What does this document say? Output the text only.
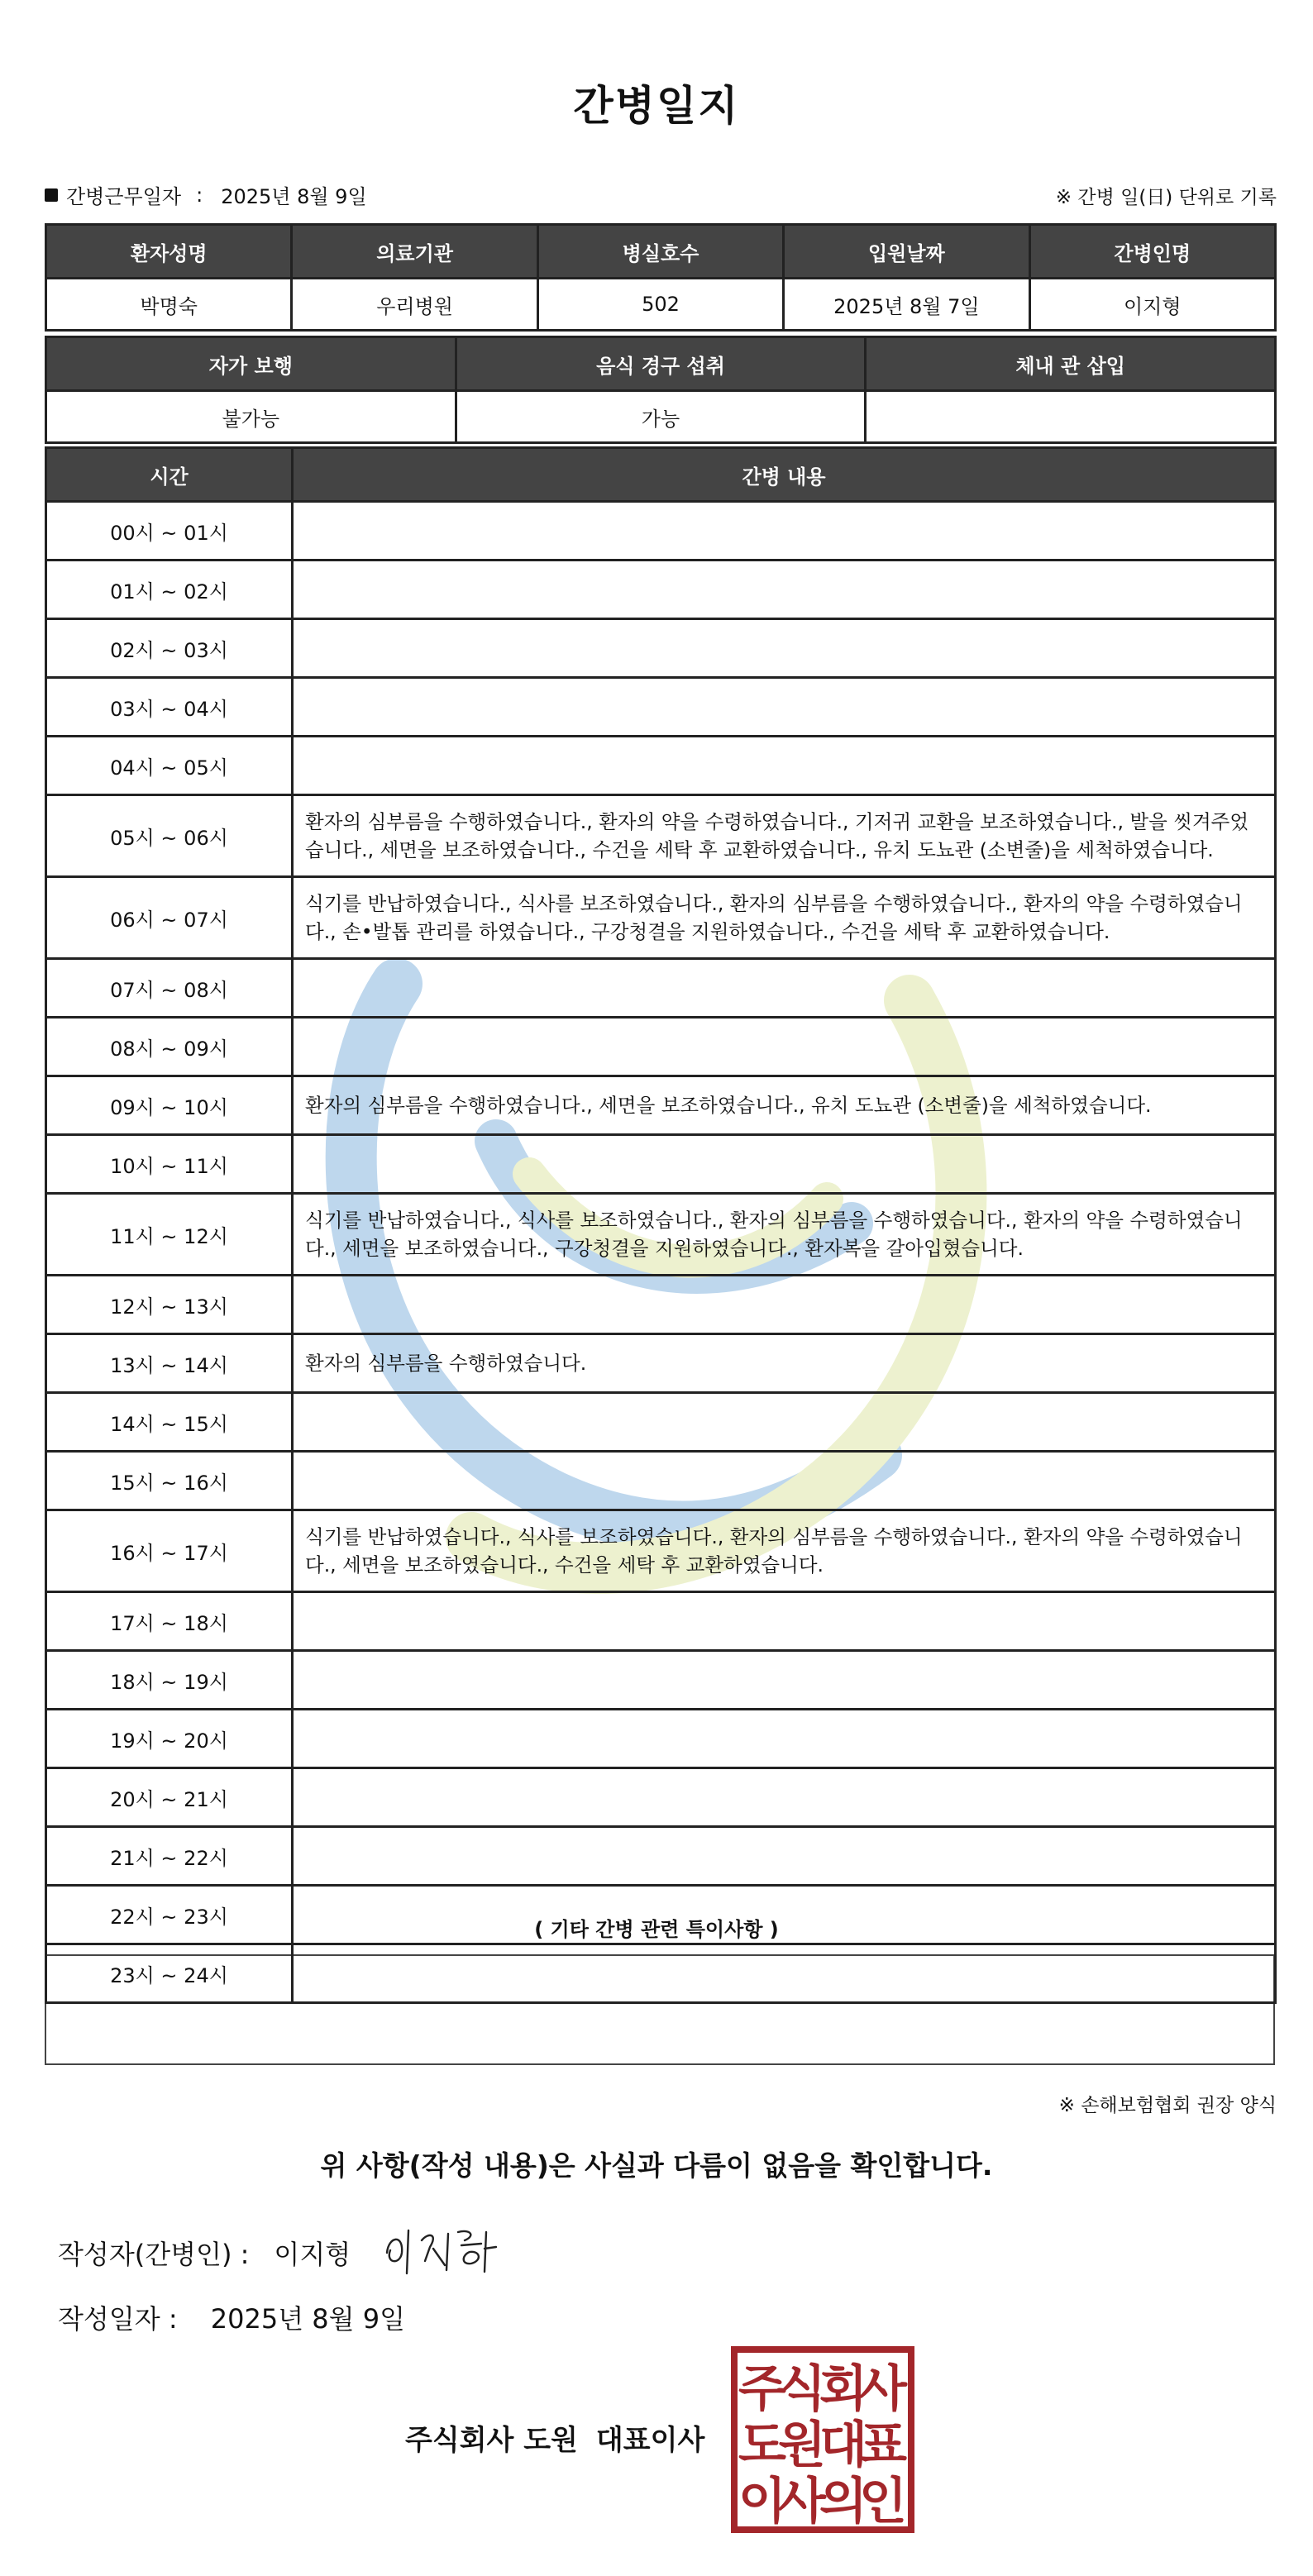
간병일지
간병근무일자 : 2025년 8월 9일	※ 간병 일(日) 단위로 기록
환자성명	의료기관	병실호수	입원날짜	간병인명
박명숙	우리병원	502	2025년 8월 7일	이지형
자가 보행	음식 경구 섭취	체내 관 삽입
불가능	가능	
시간	간병 내용
00시 ~ 01시	
01시 ~ 02시	
02시 ~ 03시	
03시 ~ 04시	
04시 ~ 05시	
05시 ~ 06시	환자의 심부름을 수행하였습니다., 환자의 약을 수령하였습니다., 기저귀 교환을 보조하였습니다., 발을 씻겨주었습니다., 세면을 보조하였습니다., 수건을 세탁 후 교환하였습니다., 유치 도뇨관 (소변줄)을 세척하였습니다.
06시 ~ 07시	식기를 반납하였습니다., 식사를 보조하였습니다., 환자의 심부름을 수행하였습니다., 환자의 약을 수령하였습니다., 손•발톱 관리를 하였습니다., 구강청결을 지원하였습니다., 수건을 세탁 후 교환하였습니다.
07시 ~ 08시	
08시 ~ 09시	
09시 ~ 10시	환자의 심부름을 수행하였습니다., 세면을 보조하였습니다., 유치 도뇨관 (소변줄)을 세척하였습니다.
10시 ~ 11시	
11시 ~ 12시	식기를 반납하였습니다., 식사를 보조하였습니다., 환자의 심부름을 수행하였습니다., 환자의 약을 수령하였습니다., 세면을 보조하였습니다., 구강청결을 지원하였습니다., 환자복을 갈아입혔습니다.
12시 ~ 13시	
13시 ~ 14시	환자의 심부름을 수행하였습니다.
14시 ~ 15시	
15시 ~ 16시	
16시 ~ 17시	식기를 반납하였습니다., 식사를 보조하였습니다., 환자의 심부름을 수행하였습니다., 환자의 약을 수령하였습니다., 세면을 보조하였습니다., 수건을 세탁 후 교환하였습니다.
17시 ~ 18시	
18시 ~ 19시	
19시 ~ 20시	
20시 ~ 21시	
21시 ~ 22시	
22시 ~ 23시	
23시 ~ 24시	
( 기타 간병 관련 특이사항 )
※ 손해보험협회 권장 양식
위 사항(작성 내용)은 사실과 다름이 없음을 확인합니다.
작성자(간병인) : 이지형
작성일자 : 2025년 8월 9일
주식회사 도원 대표이사
주
식
회
사
도
원
대
표
이
사
의
인
